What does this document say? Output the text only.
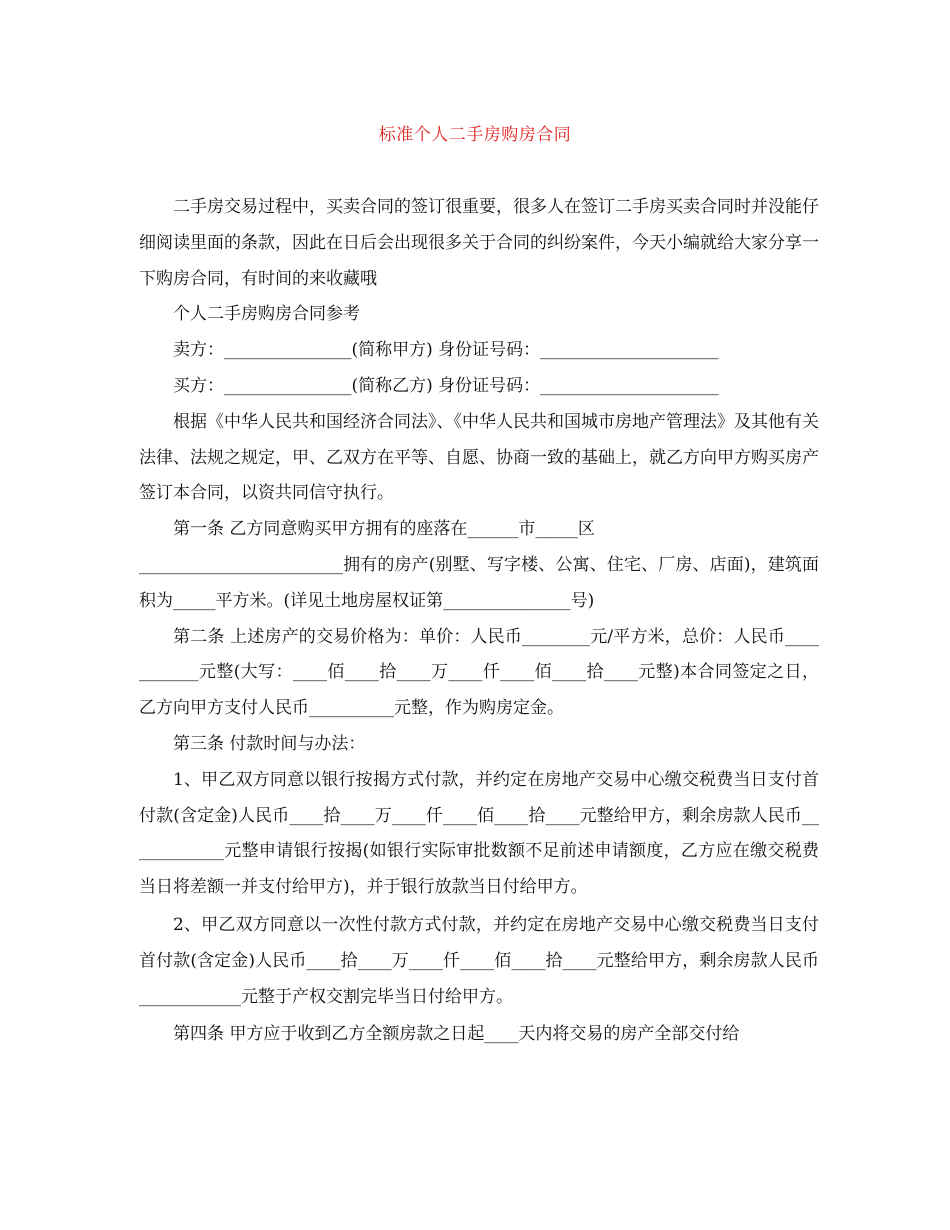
标准个人二手房购房合同

二手房交易过程中，买卖合同的签订很重要，很多人在签订二手房买卖合同时并没能仔细阅读里面的条款，因此在日后会出现很多关于合同的纠纷案件，今天小编就给大家分享一下购房合同，有时间的来收藏哦

个人二手房购房合同参考

卖方：_______________(简称甲方) 身份证号码：_____________________

买方：_______________(简称乙方) 身份证号码：_____________________

根据《中华人民共和国经济合同法》、《中华人民共和国城市房地产管理法》及其他有关法律、法规之规定，甲、乙双方在平等、自愿、协商一致的基础上，就乙方向甲方购买房产签订本合同，以资共同信守执行。

第一条 乙方同意购买甲方拥有的座落在______市_____区
________________________拥有的房产(别墅、写字楼、公寓、住宅、厂房、店面)，建筑面积为_____平方米。(详见土地房屋权证第_______________号)

第二条 上述房产的交易价格为：单价：人民币________元/平方米，总价：人民币___________元整(大写：____佰____拾____万____仟____佰____拾____元整)本合同签定之日，乙方向甲方支付人民币__________元整，作为购房定金。

第三条 付款时间与办法：

1、甲乙双方同意以银行按揭方式付款，并约定在房地产交易中心缴交税费当日支付首付款(含定金)人民币____拾____万____仟____佰____拾____元整给甲方，剩余房款人民币____________元整申请银行按揭(如银行实际审批数额不足前述申请额度，乙方应在缴交税费当日将差额一并支付给甲方)，并于银行放款当日付给甲方。

2、甲乙双方同意以一次性付款方式付款，并约定在房地产交易中心缴交税费当日支付首付款(含定金)人民币____拾____万____仟____佰____拾____元整给甲方，剩余房款人民币____________元整于产权交割完毕当日付给甲方。

第四条 甲方应于收到乙方全额房款之日起____天内将交易的房产全部交付给
